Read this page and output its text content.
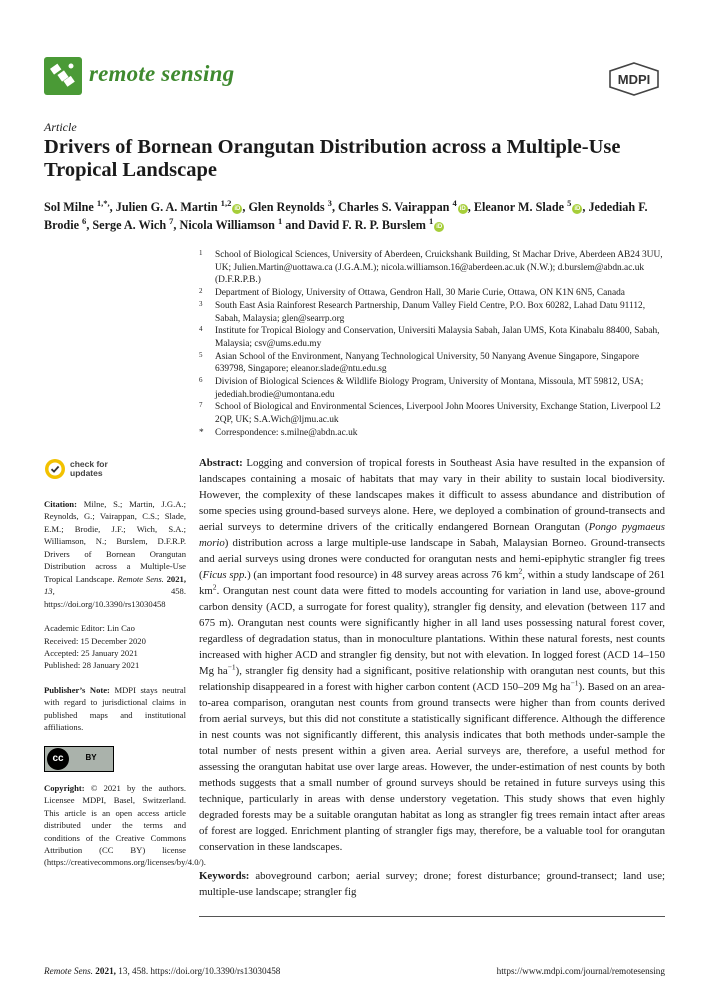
remote sensing	MDPI
Article
Drivers of Bornean Orangutan Distribution across a Multiple-Use Tropical Landscape
Sol Milne $^{1,*,}$, Julien G. A. Martin $^{1,2}$iD , Glen Reynolds $^3$, Charles S. Vairappan $^4$iD , Eleanor M. Slade $^5$iD , Jedediah F. Brodie $^6$, Serge A. Wich $^7$, Nicola Williamson $^1$ and David F. R. P. Burslem $^1$iD
1 School of Biological Sciences, University of Aberdeen, Cruickshank Building, St Machar Drive, Aberdeen AB24 3UU, UK; Julien.Martin@uottawa.ca (J.G.A.M.); nicola.williamson.16@aberdeen.ac.uk (N.W.); d.burslem@abdn.ac.uk (D.F.R.P.B.)
2 Department of Biology, University of Ottawa, Gendron Hall, 30 Marie Curie, Ottawa, ON K1N 6N5, Canada
3 South East Asia Rainforest Research Partnership, Danum Valley Field Centre, P.O. Box 60282, Lahad Datu 91112, Sabah, Malaysia; glen@searrp.org
4 Institute for Tropical Biology and Conservation, Universiti Malaysia Sabah, Jalan UMS, Kota Kinabalu 88400, Sabah, Malaysia; csv@ums.edu.my
5 Asian School of the Environment, Nanyang Technological University, 50 Nanyang Avenue Singapore, Singapore 639798, Singapore; eleanor.slade@ntu.edu.sg
6 Division of Biological Sciences & Wildlife Biology Program, University of Montana, Missoula, MT 59812, USA; jedediah.brodie@umontana.edu
7 School of Biological and Environmental Sciences, Liverpool John Moores University, Exchange Station, Liverpool L2 2QP, UK; S.A.Wich@ljmu.ac.uk
* Correspondence: s.milne@abdn.ac.uk
check for
updates

Citation: Milne, S.; Martin, J.G.A.; Reynolds, G.; Vairappan, C.S.; Slade, E.M.; Brodie, J.F.; Wich, S.A.; Williamson, N.; Burslem, D.F.R.P. Drivers of Bornean Orangutan Distribution across a Multiple-Use Tropical Landscape. Remote Sens. 2021, 13,	458. https://doi.org/10.3390/rs13030458

Academic Editor: Lin Cao
Received: 15 December 2020
Accepted: 25 January 2021
Published: 28 January 2021

Publisher’s Note: MDPI stays neutral with regard to jurisdictional claims in published maps and institutional affiliations.

cc	BY

Copyright: © 2021 by the authors. Licensee MDPI, Basel, Switzerland. This article is an open access article distributed under the terms and conditions of the Creative Commons Attribution (CC BY) license (https://creativecommons.org/licenses/by/4.0/).

Abstract: Logging and conversion of tropical forests in Southeast Asia have resulted in the expansion of landscapes containing a mosaic of habitats that may vary in their ability to sustain local biodiversity. However, the complexity of these landscapes makes it difficult to assess abundance and distribution of some species using ground-based surveys alone. Here, we deployed a combination of ground-transects and aerial surveys to determine drivers of the critically endangered Bornean Orangutan (Pongo pygmaeus morio) distribution across a large multiple-use landscape in Sabah, Malaysian Borneo. Ground-transects and aerial surveys using drones were conducted for orangutan nests and hemi-epiphytic strangler fig trees (Ficus spp.) (an important food resource) in 48 survey areas across 76 $km^2$, within a study landscape of 261 $km^2$. Orangutan nest count data were fitted to models accounting for variation in land use, above-ground carbon density (ACD, a surrogate for forest quality), strangler fig density, and elevation (between 117 and 675 m). Orangutan nest counts were significantly higher in all land uses possessing natural forest cover, regardless of degradation status, than in monoculture plantations. Within these natural forests, nest counts increased with higher ACD and strangler fig density, but not with elevation. In logged forest (ACD 14–150 Mg $ha^{-1}$), strangler fig density had a significant, positive relationship with orangutan nest counts, but this relationship disappeared in a forest with higher carbon content (ACD 150–209 Mg $ha^{-1}$). Based on an area-to-area comparison, orangutan nest counts from ground transects were higher than from counts derived from aerial surveys, but this did not constitute a statistically significant difference. Although the difference in nest counts was not significantly different, this analysis indicates that both methods under-sample the total number of nests present within a given area. Aerial surveys are, therefore, a useful method for assessing the orangutan habitat use over large areas. However, the under-estimation of nest counts by both methods suggests that a small number of ground surveys should be retained in future surveys using this technique, particularly in areas with dense understory vegetation. This study shows that even highly degraded forests may be a suitable orangutan habitat as long as strangler fig trees remain intact after areas of forest are logged. Enrichment planting of strangler figs may, therefore, be a valuable tool for orangutan conservation in these landscapes.
Keywords: aboveground carbon; aerial survey; drone; forest disturbance; ground-transect; land use; multiple-use landscape; strangler fig
Remote Sens. 2021, 13, 458. https://doi.org/10.3390/rs13030458	https://www.mdpi.com/journal/remotesensing
